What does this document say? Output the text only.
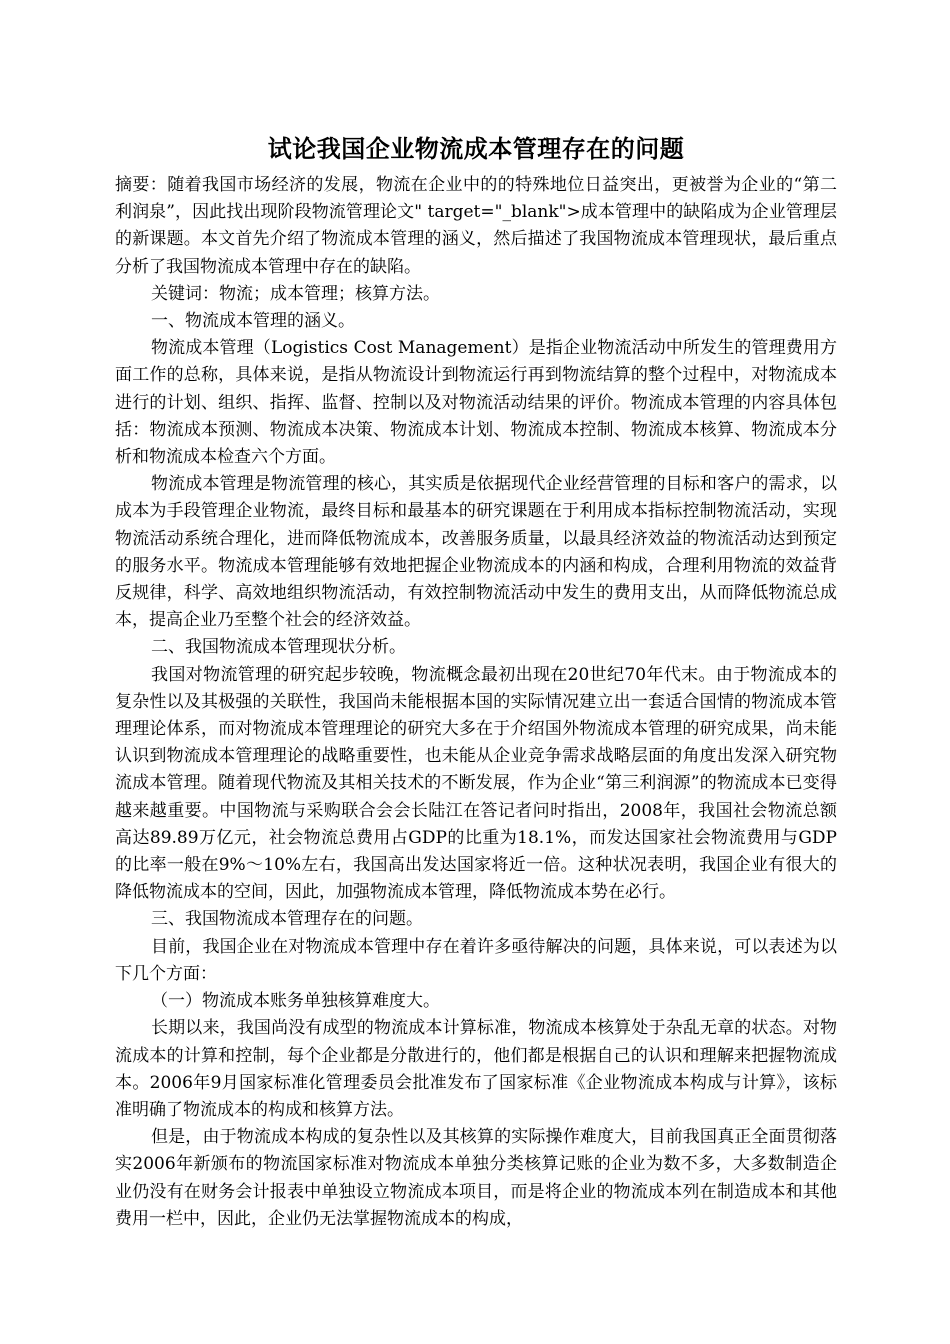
试论我国企业物流成本管理存在的问题

摘要：随着我国市场经济的发展，物流在企业中的的特殊地位日益突出，更被誉为企业的“第二利润泉”，因此找出现阶段物流管理论文" target="_blank">成本管理中的缺陷成为企业管理层的新课题。本文首先介绍了物流成本管理的涵义，然后描述了我国物流成本管理现状，最后重点分析了我国物流成本管理中存在的缺陷。

关键词：物流；成本管理；核算方法。

一、物流成本管理的涵义。

物流成本管理（Logistics Cost Management）是指企业物流活动中所发生的管理费用方面工作的总称，具体来说，是指从物流设计到物流运行再到物流结算的整个过程中，对物流成本进行的计划、组织、指挥、监督、控制以及对物流活动结果的评价。物流成本管理的内容具体包括：物流成本预测、物流成本决策、物流成本计划、物流成本控制、物流成本核算、物流成本分析和物流成本检查六个方面。

物流成本管理是物流管理的核心，其实质是依据现代企业经营管理的目标和客户的需求，以成本为手段管理企业物流，最终目标和最基本的研究课题在于利用成本指标控制物流活动，实现物流活动系统合理化，进而降低物流成本，改善服务质量，以最具经济效益的物流活动达到预定的服务水平。物流成本管理能够有效地把握企业物流成本的内涵和构成，合理利用物流的效益背反规律，科学、高效地组织物流活动，有效控制物流活动中发生的费用支出，从而降低物流总成本，提高企业乃至整个社会的经济效益。

二、我国物流成本管理现状分析。

我国对物流管理的研究起步较晚，物流概念最初出现在20世纪70年代末。由于物流成本的复杂性以及其极强的关联性，我国尚未能根据本国的实际情况建立出一套适合国情的物流成本管理理论体系，而对物流成本管理理论的研究大多在于介绍国外物流成本管理的研究成果，尚未能认识到物流成本管理理论的战略重要性，也未能从企业竞争需求战略层面的角度出发深入研究物流成本管理。随着现代物流及其相关技术的不断发展，作为企业“第三利润源”的物流成本已变得越来越重要。中国物流与采购联合会会长陆江在答记者问时指出，2008年，我国社会物流总额高达89.89万亿元，社会物流总费用占GDP的比重为18.1%，而发达国家社会物流费用与GDP的比率一般在9%～10%左右，我国高出发达国家将近一倍。这种状况表明，我国企业有很大的降低物流成本的空间，因此，加强物流成本管理，降低物流成本势在必行。

三、我国物流成本管理存在的问题。

目前，我国企业在对物流成本管理中存在着许多亟待解决的问题，具体来说，可以表述为以下几个方面：

（一）物流成本账务单独核算难度大。

长期以来，我国尚没有成型的物流成本计算标准，物流成本核算处于杂乱无章的状态。对物流成本的计算和控制，每个企业都是分散进行的，他们都是根据自己的认识和理解来把握物流成本。2006年9月国家标准化管理委员会批准发布了国家标准《企业物流成本构成与计算》，该标准明确了物流成本的构成和核算方法。

但是，由于物流成本构成的复杂性以及其核算的实际操作难度大，目前我国真正全面贯彻落实2006年新颁布的物流国家标准对物流成本单独分类核算记账的企业为数不多，大多数制造企业仍没有在财务会计报表中单独设立物流成本项目，而是将企业的物流成本列在制造成本和其他费用一栏中，因此，企业仍无法掌握物流成本的构成，
